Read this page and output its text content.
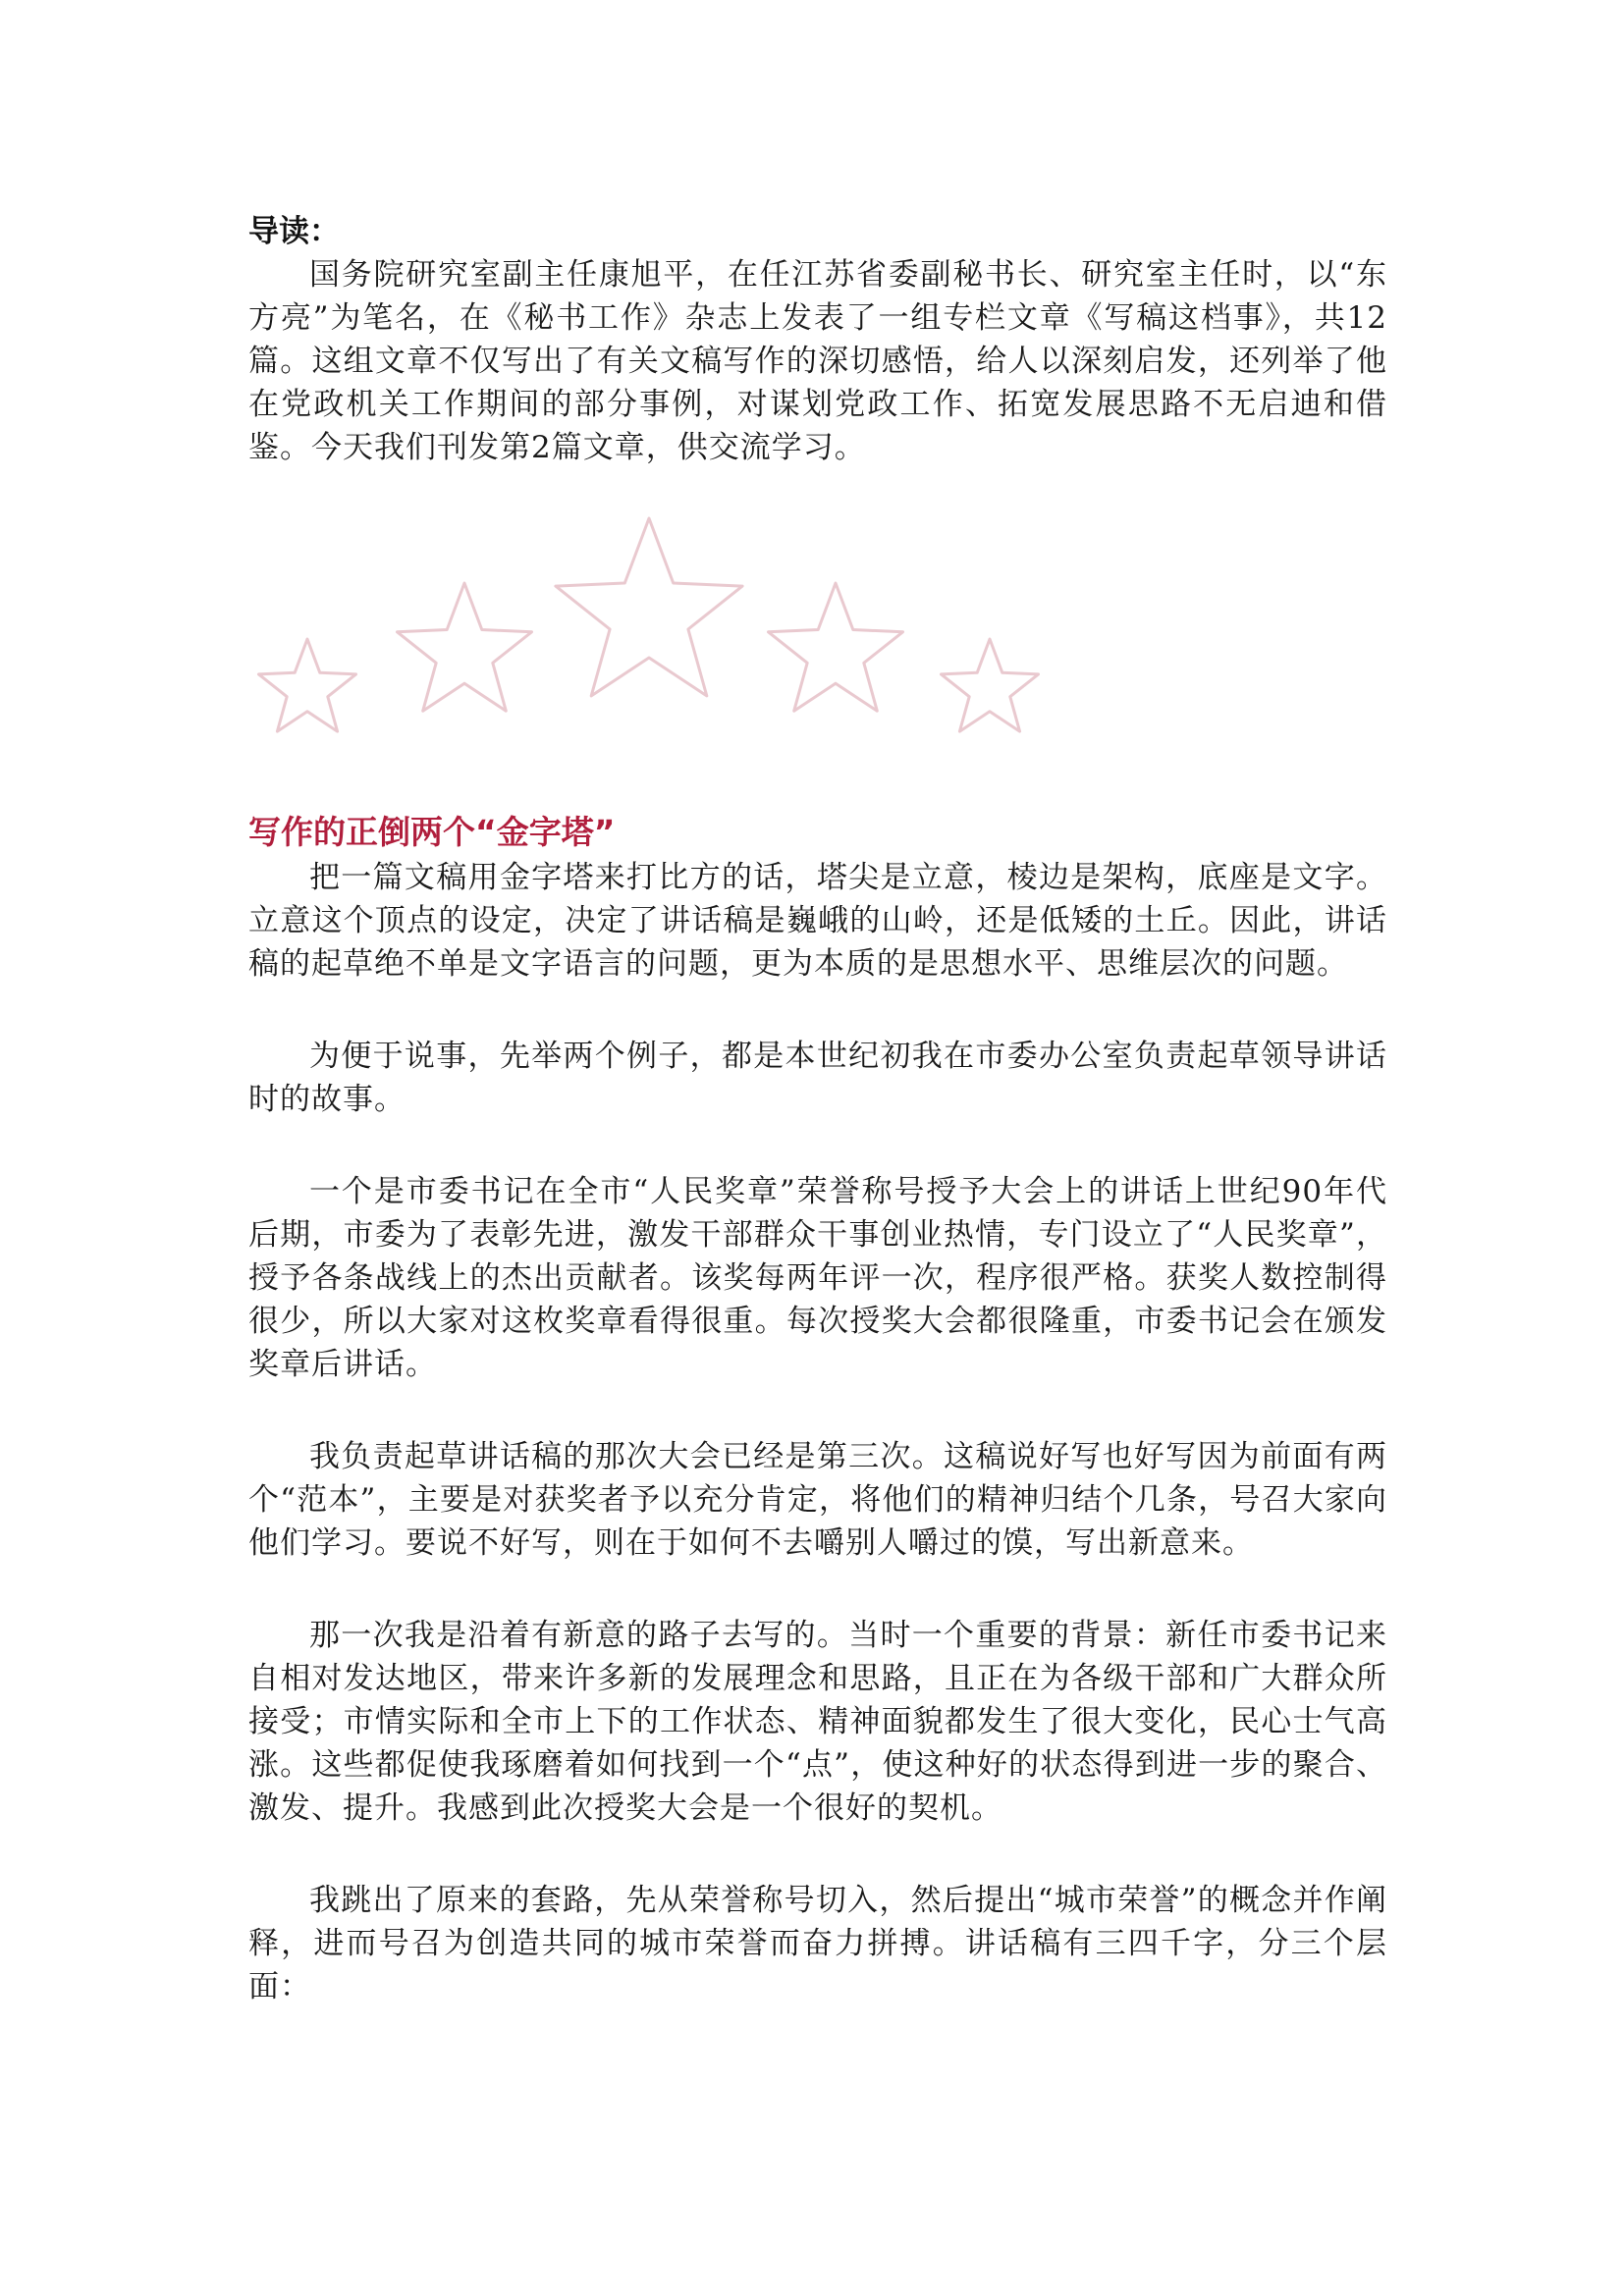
导读：

国务院研究室副主任康旭平，在任江苏省委副秘书长、研究室主任时，以“东方亮”为笔名，在《秘书工作》杂志上发表了一组专栏文章《写稿这档事》，共12篇。这组文章不仅写出了有关文稿写作的深切感悟，给人以深刻启发，还列举了他在党政机关工作期间的部分事例，对谋划党政工作、拓宽发展思路不无启迪和借鉴。今天我们刊发第2篇文章，供交流学习。

写作的正倒两个“金字塔”

把一篇文稿用金字塔来打比方的话，塔尖是立意，棱边是架构，底座是文字。立意这个顶点的设定，决定了讲话稿是巍峨的山岭，还是低矮的土丘。因此，讲话稿的起草绝不单是文字语言的问题，更为本质的是思想水平、思维层次的问题。

为便于说事，先举两个例子，都是本世纪初我在市委办公室负责起草领导讲话时的故事。

一个是市委书记在全市“人民奖章”荣誉称号授予大会上的讲话上世纪90年代后期，市委为了表彰先进，激发干部群众干事创业热情，专门设立了“人民奖章”，授予各条战线上的杰出贡献者。该奖每两年评一次，程序很严格。获奖人数控制得很少，所以大家对这枚奖章看得很重。每次授奖大会都很隆重，市委书记会在颁发奖章后讲话。

我负责起草讲话稿的那次大会已经是第三次。这稿说好写也好写因为前面有两个“范本”，主要是对获奖者予以充分肯定，将他们的精神归结个几条，号召大家向他们学习。要说不好写，则在于如何不去嚼别人嚼过的馍，写出新意来。

那一次我是沿着有新意的路子去写的。当时一个重要的背景：新任市委书记来自相对发达地区，带来许多新的发展理念和思路，且正在为各级干部和广大群众所接受；市情实际和全市上下的工作状态、精神面貌都发生了很大变化，民心士气高涨。这些都促使我琢磨着如何找到一个“点”，使这种好的状态得到进一步的聚合、激发、提升。我感到此次授奖大会是一个很好的契机。

我跳出了原来的套路，先从荣誉称号切入，然后提出“城市荣誉”的概念并作阐释，进而号召为创造共同的城市荣誉而奋力拼搏。讲话稿有三四千字，分三个层面：
